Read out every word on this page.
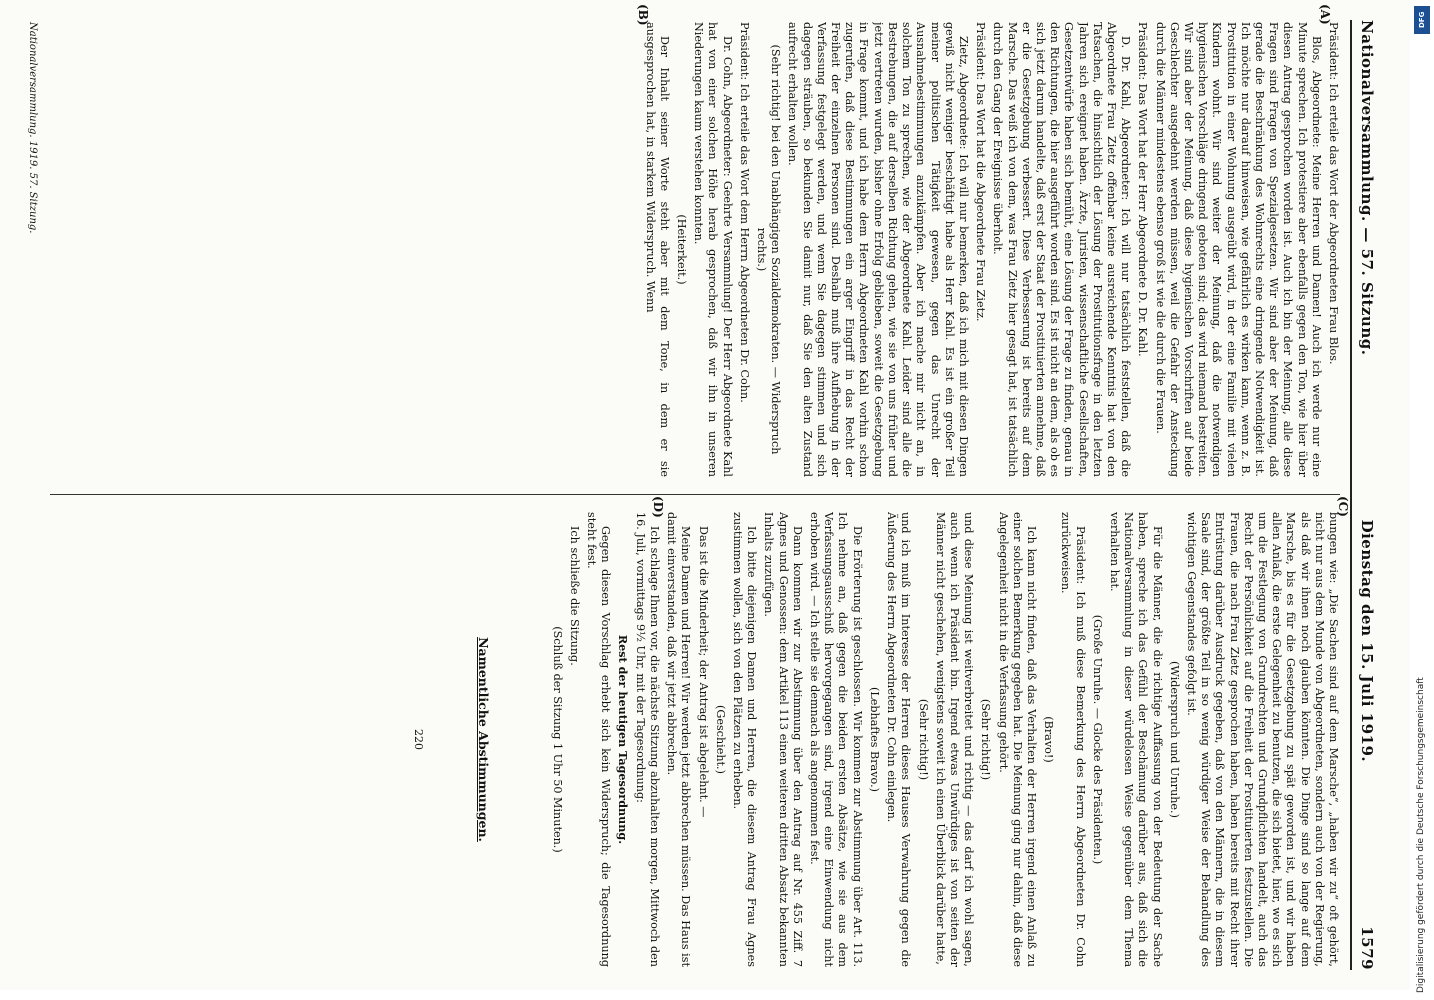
Nationalversammlung. — 57. Sitzung.
Dienstag den 15. Juli 1919.
1579
(A)
(B)
(C)
(D)

Präsident: Ich erteile das Wort der Abgeordneten Frau Blos.

Blos, Abgeordnete: Meine Herren und Damen! Auch ich werde nur eine Minute sprechen. Ich protestiere aber ebenfalls gegen den Ton, wie hier über diesen Antrag gesprochen worden ist. Auch ich bin der Meinung, alle diese Fragen sind Fragen von Spezialgesetzen. Wir sind aber der Meinung, daß gerade die Beschränkung des Wohnrechts eine dringende Notwendigkeit ist. Ich möchte nur darauf hinweisen, wie gefährlich es wirken kann, wenn z. B. Prostitution in einer Wohnung ausgeübt wird, in der eine Familie mit vielen Kindern wohnt. Wir sind weiter der Meinung, daß die notwendigen hygienischen Vorschläge dringend geboten sind; das wird niemand bestreiten. Wir sind aber der Meinung, daß diese hygienischen Vorschriften auf beide Geschlechter ausgedehnt werden müssen, weil die Gefahr der Ansteckung durch die Männer mindestens ebenso groß ist wie die durch die Frauen.

Präsident: Das Wort hat der Herr Abgeordnete D. Dr. Kahl.

D. Dr. Kahl, Abgeordneter: Ich will nur tatsächlich feststellen, daß die Abgeordnete Frau Zietz offenbar keine ausreichende Kenntnis hat von den Tatsachen, die hinsichtlich der Lösung der Prostitutionsfrage in den letzten Jahren sich ereignet haben. Ärzte, Juristen, wissenschaftliche Gesellschaften, Gesetzentwürfe haben sich bemüht, eine Lösung der Frage zu finden, genau in den Richtungen, die hier ausgeführt worden sind. Es ist nicht an dem, als ob es sich jetzt darum handelte, daß erst der Staat der Prostituierten annehme, daß er die Gesetzgebung verbessert. Diese Verbesserung ist bereits auf dem Marsche. Das weiß ich von dem, was Frau Zietz hier gesagt hat, ist tatsächlich durch den Gang der Ereignisse überholt.

Präsident: Das Wort hat die Abgeordnete Frau Zietz.

Zietz, Abgeordnete: Ich will nur bemerken, daß ich mich mit diesen Dingen gewiß nicht weniger beschäftigt habe als Herr Kahl. Es ist ein großer Teil meiner politischen Tätigkeit gewesen, gegen das Unrecht der Ausnahmebestimmungen anzukämpfen. Aber ich mache mir nicht an, in solchem Ton zu sprechen, wie der Abgeordnete Kahl. Leider sind alle die Bestrebungen, die auf derselben Richtung gehen, wie sie von uns früher und jetzt vertreten wurden, bisher ohne Erfolg geblieben, soweit die Gesetzgebung in Frage kommt, und ich habe dem Herrn Abgeordneten Kahl vorhin schon zugerufen, daß diese Bestimmungen ein arger Eingriff in das Recht der Freiheit der einzelnen Personen sind. Deshalb muß ihre Aufhebung in der Verfassung festgelegt werden, und wenn Sie dagegen stimmen und sich dagegen sträuben, so bekunden Sie damit nur, daß Sie den alten Zustand aufrecht erhalten wollen.

(Sehr richtig! bei den Unabhängigen Sozialdemokraten. — Widerspruch rechts.)

Präsident: Ich erteile das Wort dem Herrn Abgeordneten Dr. Cohn.

Dr. Cohn, Abgeordneter: Geehrte Versammlung! Der Herr Abgeordnete Kahl hat von einer solchen Höhe herab gesprochen, daß wir ihn in unseren Niederungen kaum verstehen konnten.

(Heiterkeit.)

Der Inhalt seiner Worte steht aber mit dem Tone, in dem er sie ausgesprochen hat, in starkem Widerspruch. Wenn

bungen wie: „Die Sachen sind auf dem Marsche“, „haben wir zu“ oft gehört, nicht nur aus dem Munde von Abgeordneten, sondern auch von der Regierung, als daß wir ihnen noch glauben könnten. Die Dinge sind so lange auf dem Marsche, bis es für die Gesetzgebung zu spät geworden ist, und wir haben allen Anlaß, die erste Gelegenheit zu benutzen, die sich bietet, hier, wo es sich um die Festlegung von Grundrechten und Grundpflichten handelt, auch das Recht der Persönlichkeit auf die Freiheit der Prostituierten festzustellen. Die Frauen, die nach Frau Zietz gesprochen haben, haben bereits mit Recht ihrer Entrüstung darüber Ausdruck gegeben, daß von den Männern, die in diesem Saale sind, der größte Teil in so wenig würdiger Weise der Behandlung des wichtigen Gegenstandes gefolgt ist.

(Widerspruch und Unruhe.)

Für die Männer, die die richtige Auffassung von der Bedeutung der Sache haben, spreche ich das Gefühl der Beschämung darüber aus, daß sich die Nationalversammlung in dieser würdelosen Weise gegenüber dem Thema verhalten hat.

(Große Unruhe. — Glocke des Präsidenten.)

Präsident: Ich muß diese Bemerkung des Herrn Abgeordneten Dr. Cohn zurückweisen.

(Bravo!)

Ich kann nicht finden, daß das Verhalten der Herren irgend einen Anlaß zu einer solchen Bemerkung gegeben hat. Die Meinung ging nur dahin, daß diese Angelegenheit nicht in die Verfassung gehört.

(Sehr richtig!)

und diese Meinung ist weitverbreitet und richtig — das darf ich wohl sagen, auch wenn ich Präsident bin. Irgend etwas Unwürdiges ist von seiten der Männer nicht geschehen, wenigstens soweit ich einen Überblick darüber hatte,

(Sehr richtig!)

und ich muß im Interesse der Herren dieses Hauses Verwahrung gegen die Äußerung des Herrn Abgeordneten Dr. Cohn einlegen.

(Lebhaftes Bravo.)

Die Erörterung ist geschlossen. Wir kommen zur Abstimmung über Art. 113. Ich nehme an, daß gegen die beiden ersten Absätze, wie sie aus dem Verfassungsausschuß hervorgegangen sind, irgend eine Einwendung nicht erhoben wird. — Ich stelle sie demnach als angenommen fest.

Dann kommen wir zur Abstimmung über den Antrag auf Nr. 455 Ziff. 7 Agnes und Genossen: dem Artikel 113 einen weiteren dritten Absatz bekannten Inhalts zuzufügen.

Ich bitte diejenigen Damen und Herren, die diesem Antrag Frau Agnes zustimmen wollen, sich von den Plätzen zu erheben.

(Geschieht.)

Das ist die Minderheit; der Antrag ist abgelehnt. —

Meine Damen und Herren! Wir werden jetzt abbrechen müssen. Das Haus ist damit einverstanden, daß wir jetzt abbrechen.

Ich schlage Ihnen vor, die nächste Sitzung abzuhalten morgen, Mittwoch den 16. Juli, vormittags 9½ Uhr, mit der Tagesordnung:

Rest der heutigen Tagesordnung.

Gegen diesen Vorschlag erhebt sich kein Widerspruch; die Tagesordnung steht fest.

Ich schließe die Sitzung.

(Schluß der Sitzung 1 Uhr 50 Minuten.)

Namentliche Abstimmungen.
220
Nationalversammlung. 1919. 57. Sitzung.
Digitalisierung gefördert durch die Deutsche Forschungsgemeinschaft
DFG
